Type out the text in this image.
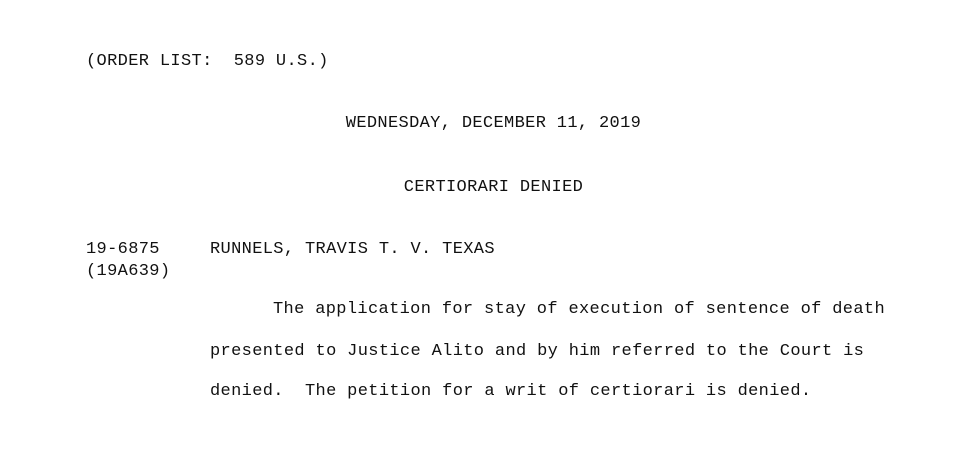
(ORDER LIST:  589 U.S.)
WEDNESDAY, DECEMBER 11, 2019
CERTIORARI DENIED
19-6875	RUNNELS, TRAVIS T. V. TEXAS
(19A639)
The application for stay of execution of sentence of death
presented to Justice Alito and by him referred to the Court is
denied.  The petition for a writ of certiorari is denied.
